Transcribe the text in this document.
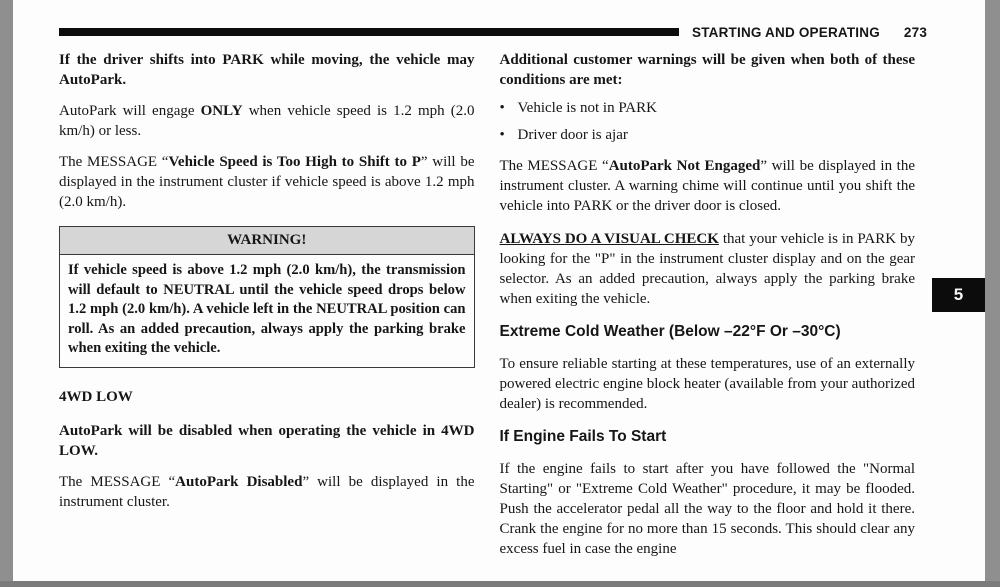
STARTING AND OPERATING 273

If the driver shifts into PARK while moving, the vehicle may AutoPark.

AutoPark will engage ONLY when vehicle speed is 1.2 mph (2.0 km/h) or less.

The MESSAGE “Vehicle Speed is Too High to Shift to P” will be displayed in the instrument cluster if vehicle speed is above 1.2 mph (2.0 km/h).

WARNING!
If vehicle speed is above 1.2 mph (2.0 km/h), the transmission will default to NEUTRAL until the vehicle speed drops below 1.2 mph (2.0 km/h). A vehicle left in the NEUTRAL position can roll. As an added precaution, always apply the parking brake when exiting the vehicle.
4WD LOW

AutoPark will be disabled when operating the vehicle in 4WD LOW.

The MESSAGE “AutoPark Disabled” will be displayed in the instrument cluster.

Additional customer warnings will be given when both of these conditions are met:

• Vehicle is not in PARK
• Driver door is ajar

The MESSAGE “AutoPark Not Engaged” will be displayed in the instrument cluster. A warning chime will continue until you shift the vehicle into PARK or the driver door is closed.

ALWAYS DO A VISUAL CHECK that your vehicle is in PARK by looking for the "P" in the instrument cluster display and on the gear selector. As an added precaution, always apply the parking brake when exiting the vehicle.

Extreme Cold Weather (Below –22°F Or –30°C)

To ensure reliable starting at these temperatures, use of an externally powered electric engine block heater (available from your authorized dealer) is recommended.

If Engine Fails To Start

If the engine fails to start after you have followed the "Normal Starting" or "Extreme Cold Weather" procedure, it may be flooded. Push the accelerator pedal all the way to the floor and hold it there. Crank the engine for no more than 15 seconds. This should clear any excess fuel in case the engine

5
